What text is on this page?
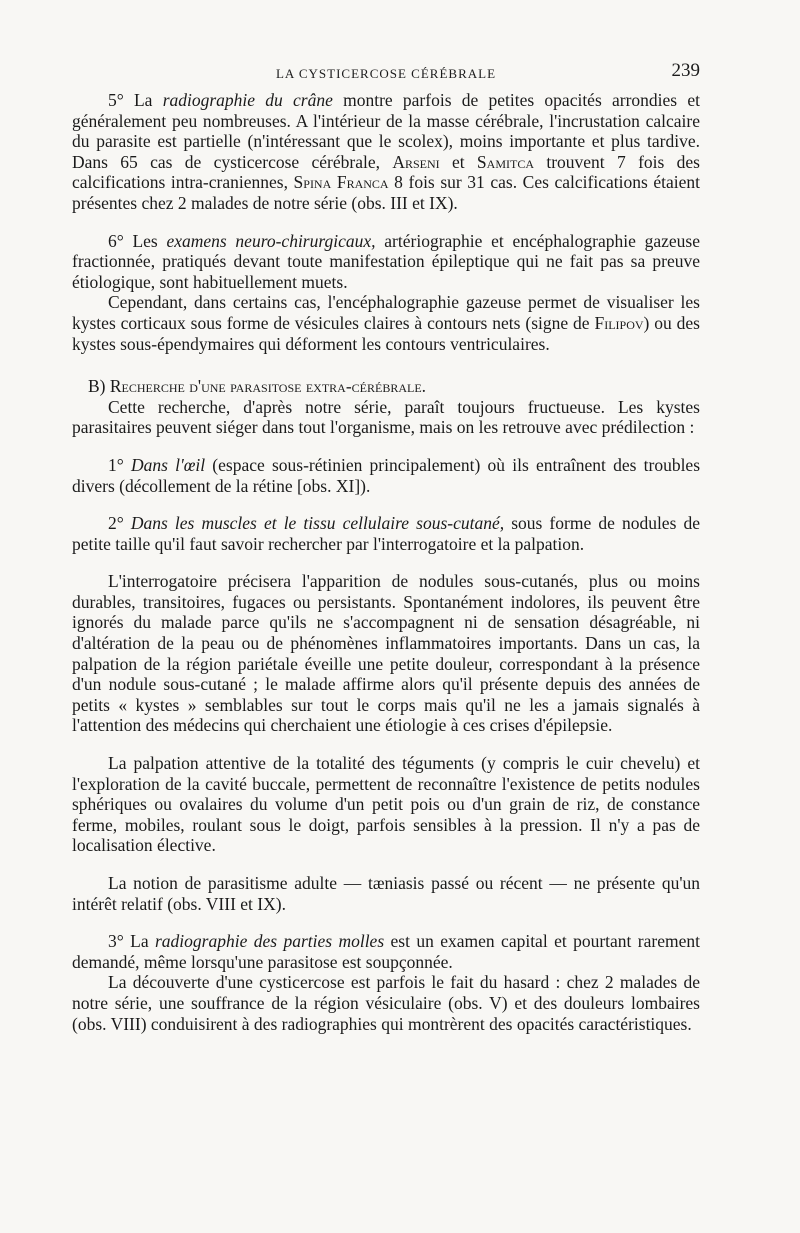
LA CYSTICERCOSE CÉRÉBRALE	239

5° La radiographie du crâne montre parfois de petites opacités arrondies et généralement peu nombreuses. A l'intérieur de la masse cérébrale, l'incrustation calcaire du parasite est partielle (n'intéressant que le scolex), moins importante et plus tardive. Dans 65 cas de cysticercose cérébrale, Arseni et Samitca trouvent 7 fois des calcifications intra-craniennes, Spina Franca 8 fois sur 31 cas. Ces calcifications étaient présentes chez 2 malades de notre série (obs. III et IX).

6° Les examens neuro-chirurgicaux, artériographie et encéphalographie gazeuse fractionnée, pratiqués devant toute manifestation épileptique qui ne fait pas sa preuve étiologique, sont habituellement muets.

Cependant, dans certains cas, l'encéphalographie gazeuse permet de visualiser les kystes corticaux sous forme de vésicules claires à contours nets (signe de Filipov) ou des kystes sous-épendymaires qui déforment les contours ventriculaires.

B) Recherche d'une parasitose extra-cérébrale.

Cette recherche, d'après notre série, paraît toujours fructueuse. Les kystes parasitaires peuvent siéger dans tout l'organisme, mais on les retrouve avec prédilection :

1° Dans l'œil (espace sous-rétinien principalement) où ils entraînent des troubles divers (décollement de la rétine [obs. XI]).

2° Dans les muscles et le tissu cellulaire sous-cutané, sous forme de nodules de petite taille qu'il faut savoir rechercher par l'interrogatoire et la palpation.

L'interrogatoire précisera l'apparition de nodules sous-cutanés, plus ou moins durables, transitoires, fugaces ou persistants. Spontanément indolores, ils peuvent être ignorés du malade parce qu'ils ne s'accompagnent ni de sensation désagréable, ni d'altération de la peau ou de phénomènes inflammatoires importants. Dans un cas, la palpation de la région pariétale éveille une petite douleur, correspondant à la présence d'un nodule sous-cutané ; le malade affirme alors qu'il présente depuis des années de petits « kystes » semblables sur tout le corps mais qu'il ne les a jamais signalés à l'attention des médecins qui cherchaient une étiologie à ces crises d'épilepsie.

La palpation attentive de la totalité des téguments (y compris le cuir chevelu) et l'exploration de la cavité buccale, permettent de reconnaître l'existence de petits nodules sphériques ou ovalaires du volume d'un petit pois ou d'un grain de riz, de constance ferme, mobiles, roulant sous le doigt, parfois sensibles à la pression. Il n'y a pas de localisation élective.

La notion de parasitisme adulte — tæniasis passé ou récent — ne présente qu'un intérêt relatif (obs. VIII et IX).

3° La radiographie des parties molles est un examen capital et pourtant rarement demandé, même lorsqu'une parasitose est soupçonnée.

La découverte d'une cysticercose est parfois le fait du hasard : chez 2 malades de notre série, une souffrance de la région vésiculaire (obs. V) et des douleurs lombaires (obs. VIII) conduisirent à des radiographies qui montrèrent des opacités caractéristiques.
